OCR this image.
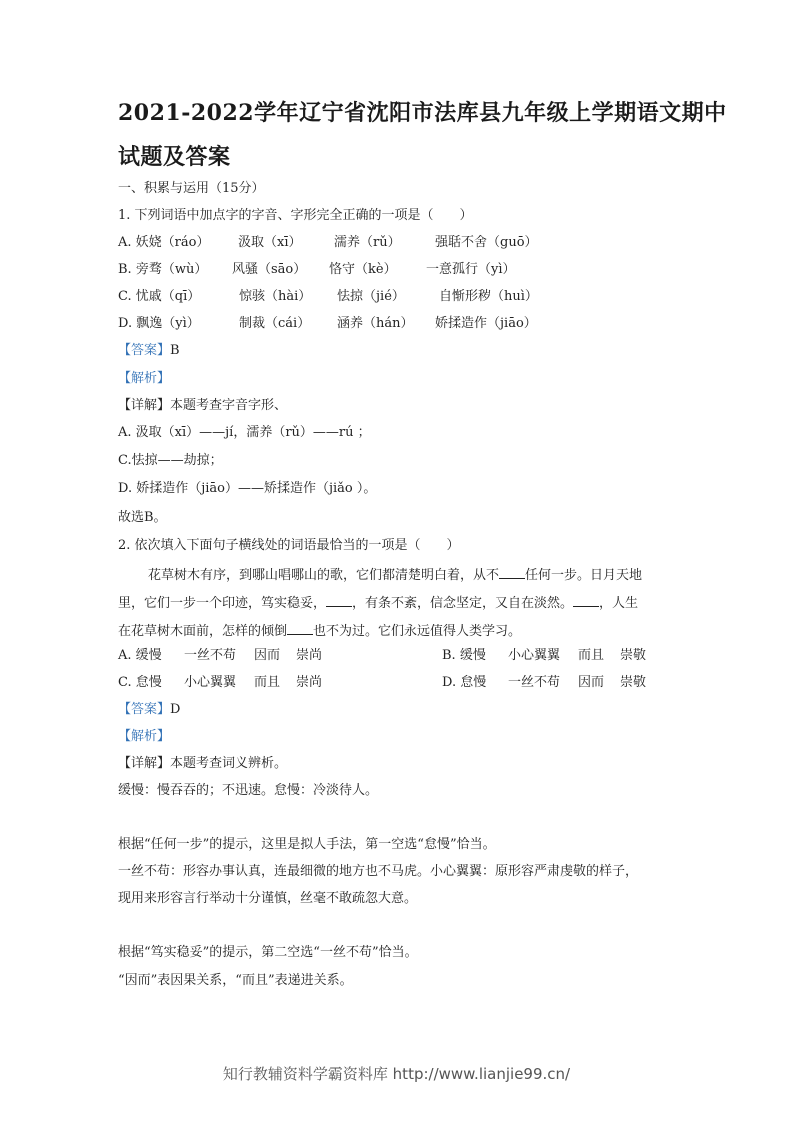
2021-2022学年辽宁省沈阳市法库县九年级上学期语文期中
试题及答案
一、积累与运用（15分）
1. 下列词语中加点字的字音、字形完全正确的一项是（　　）
A. 妖娆（ráo） 汲取（xī）	濡养（rǔ）	强聒不舍（guō）
B. 旁骛（wù） 风骚（sāo） 恪守（kè） 一意孤行（yì）
C. 忧戚（qī）	惊骇（hài） 怯掠（jié）	自惭形秽（huì）
D. 飘逸（yì）	制裁（cái） 涵养（hán） 娇揉造作（jiāo）
【答案】B
【解析】
【详解】本题考查字音字形、
A. 汲取（xī）——jí，濡养（rǔ）——rú ；
C.怯掠——劫掠；
D. 娇揉造作（jiāo）——矫揉造作（jiǎo ）。
故选B。
2. 依次填入下面句子横线处的词语最恰当的一项是（　　）
花草树木有序，到哪山唱哪山的歌，它们都清楚明白着，从不 任何一步。日月天地
里，它们一步一个印迹，笃实稳妥， ，有条不紊，信念坚定，又自在淡然。 ，人生
在花草树木面前，怎样的倾倒 也不为过。它们永远值得人类学习。
A. 缓慢 一丝不苟 因而 崇尚	B. 缓慢 小心翼翼 而且 崇敬
C. 怠慢 小心翼翼 而且 崇尚	D. 怠慢 一丝不苟 因而 崇敬
【答案】D
【解析】
【详解】本题考查词义辨析。
缓慢：慢吞吞的；不迅速。怠慢：冷淡待人。
根据“任何一步”的提示，这里是拟人手法，第一空选“怠慢”恰当。
一丝不苟：形容办事认真，连最细微的地方也不马虎。小心翼翼：原形容严肃虔敬的样子，
现用来形容言行举动十分谨慎，丝毫不敢疏忽大意。
根据“笃实稳妥”的提示，第二空选“一丝不苟”恰当。
“因而”表因果关系，“而且”表递进关系。
知行教辅资料学霸资料库 http://www.lianjie99.cn/
